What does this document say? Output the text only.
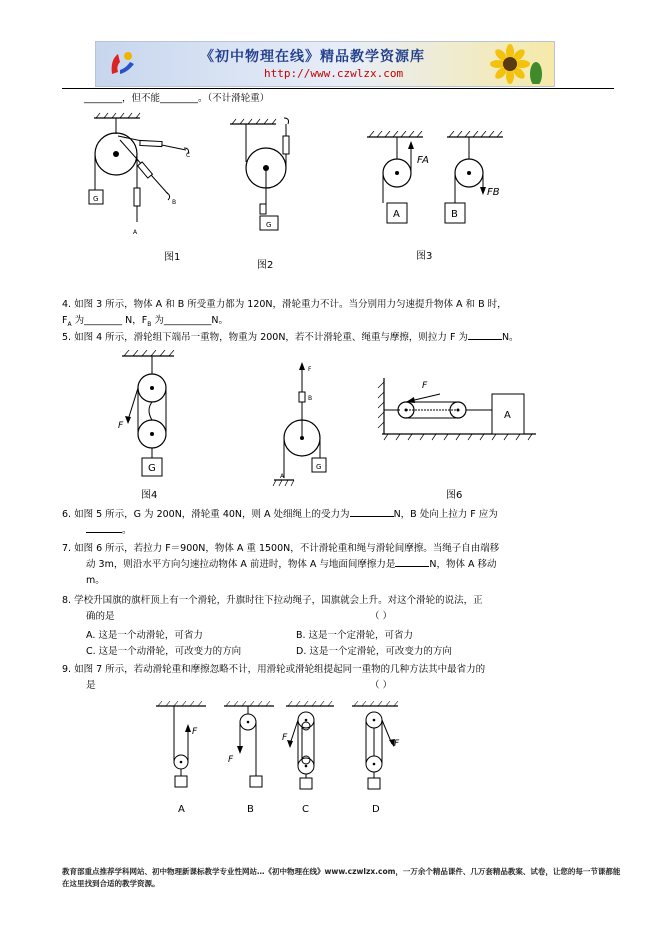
《初中物理在线》精品教学资源库
http://www.czwlzx.com
________，但不能________。（不计滑轮重）
G
A
C
B
图1
G
图2
FA
A
FB
B
图3
4. 如图 3 所示，物体 A 和 B 所受重力都为 120N，滑轮重力不计。当分别用力匀速提升物体 A 和 B 时，
$F_A$ 为________ N，$F_B$ 为__________N。
5. 如图 4 所示，滑轮组下端吊一重物，物重为 200N，若不计滑轮重、绳重与摩擦，则拉力 F 为	N。
F
G
图4
F
B
G
A
F
A
图6
6. 如图 5 所示，G 为 200N，滑轮重 40N，则 A 处细绳上的受力为	N，B 处向上拉力 F 应为
。
7. 如图 6 所示，若拉力 F＝900N，物体 A 重 1500N，不计滑轮重和绳与滑轮间摩擦。当绳子自由端移
动 3m，则沿水平方向匀速拉动物体 A 前进时，物体 A 与地面间摩擦力是	N，物体 A 移动
m。
8. 学校升国旗的旗杆顶上有一个滑轮，升旗时往下拉动绳子，国旗就会上升。对这个滑轮的说法，正
确的是	（ ）
A. 这是一个动滑轮，可省力	B. 这是一个定滑轮，可省力
C. 这是一个动滑轮，可改变力的方向	D. 这是一个定滑轮，可改变力的方向
9. 如图 7 所示，若动滑轮重和摩擦忽略不计，用滑轮或滑轮组提起同一重物的几种方法其中最省力的
是	（ ）
F
F
F
F
A	B	C	D
教育部重点推荐学科网站、初中物理新课标教学专业性网站…《初中物理在线》www.czwlzx.com，一万余个精品课件、几万套精品教案、试卷，让您的每一节课都能在这里找到合适的教学资源。
